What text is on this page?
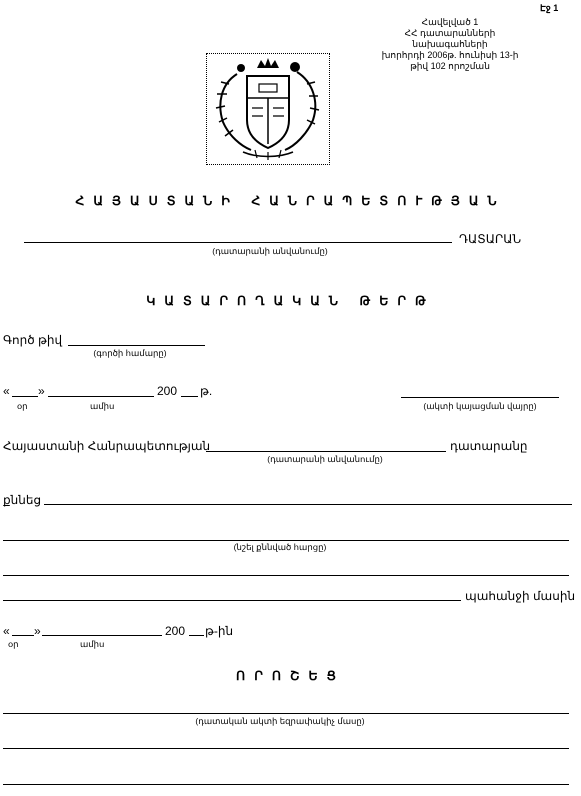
Էջ 1
Հավելված 1
ՀՀ դատարանների նախագահների
խորհրդի 2006թ. հունիսի 13-ի
թիվ 102 որոշման
ՀԱՅԱՍՏԱՆԻ ՀԱՆՐԱՊԵՏՈՒԹՅԱՆ
ԴԱՏԱՐԱՆ
(դատարանի անվանումը)
ԿԱՏԱՐՈՂԱԿԱՆ ԹԵՐԹ
Գործ թիվ
(գործի համարը)
« »	200 թ.
օր	ամիս	(ակտի կայացման վայրը)
Հայաստանի Հանրապետության	դատարանը
(դատարանի անվանումը)
քննեց
(նշել քննված հարցը)
պահանջի մասին
« »	200 թ-ին
օր	ամիս
ՈՐՈՇԵՑ
(դատական ակտի եզրափակիչ մասը)
